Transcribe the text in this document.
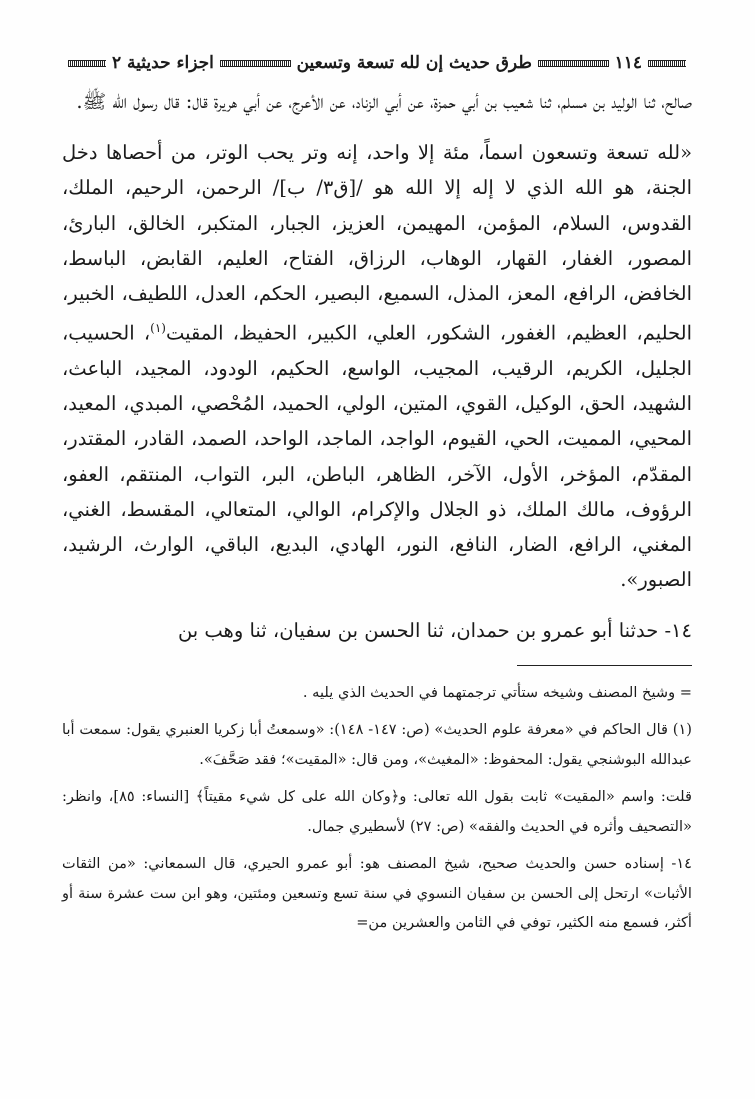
١١٤
طرق حديث إن لله تسعة وتسعين
اجزاء حديثية ٢

صالح، ثنا الوليد بن مسلم، ثنا شعيب بن أبي حمزة، عن أبي الزناد، عن الأعرج، عن أبي هريرة قال: قال رسول الله ﷺ.

«لله تسعة وتسعون اسماً، مئة إلا واحد، إنه وتر يحب الوتر، من أحصاها دخل الجنة، هو الله الذي لا إله إلا الله هو /[ق٣/ ب]/ الرحمن، الرحيم، الملك، القدوس، السلام، المؤمن، المهيمن، العزيز، الجبار، المتكبر، الخالق، البارئ، المصور، الغفار، القهار، الوهاب، الرزاق، الفتاح، العليم، القابض، الباسط، الخافض، الرافع، المعز، المذل، السميع، البصير، الحكم، العدل، اللطيف، الخبير، الحليم، العظيم، الغفور، الشكور، العلي، الكبير، الحفيظ، المقيت$^{(١)}$، الحسيب، الجليل، الكريم، الرقيب، المجيب، الواسع، الحكيم، الودود، المجيد، الباعث، الشهيد، الحق، الوكيل، القوي، المتين، الولي، الحميد، المُحْصي، المبدي، المعيد، المحيي، المميت، الحي، القيوم، الواجد، الماجد، الواحد، الصمد، القادر، المقتدر، المقدّم، المؤخر، الأول، الآخر، الظاهر، الباطن، البر، التواب، المنتقم، العفو، الرؤوف، مالك الملك، ذو الجلال والإكرام، الوالي، المتعالي، المقسط، الغني، المغني، الرافع، الضار، النافع، النور، الهادي، البديع، الباقي، الوارث، الرشيد، الصبور».

١٤- حدثنا أبو عمرو بن حمدان، ثنا الحسن بن سفيان، ثنا وهب بن

= وشيخ المصنف وشيخه ستأتي ترجمتهما في الحديث الذي يليه .

(١) قال الحاكم في «معرفة علوم الحديث» (ص: ١٤٧- ١٤٨): «وسمعتُ أبا زكريا العنبري يقول: سمعت أبا عبدالله البوشنجي يقول: المحفوظ: «المغيث»، ومن قال: «المقيت»؛ فقد صَحَّفَ».

قلت: واسم «المقيت» ثابت بقول الله تعالى: و﴿وكان الله على كل شيء مقيتاً﴾ [النساء: ٨٥]، وانظر: «التصحيف وأثره في الحديث والفقه» (ص: ٢٧) لأسطيري جمال.

١٤- إسناده حسن والحديث صحيح، شيخ المصنف هو: أبو عمرو الحيري، قال السمعاني: «من الثقات الأثبات» ارتحل إلى الحسن بن سفيان النسوي في سنة تسع وتسعين ومئتين، وهو ابن ست عشرة سنة أو أكثر، فسمع منه الكثير، توفي في الثامن والعشرين من=
